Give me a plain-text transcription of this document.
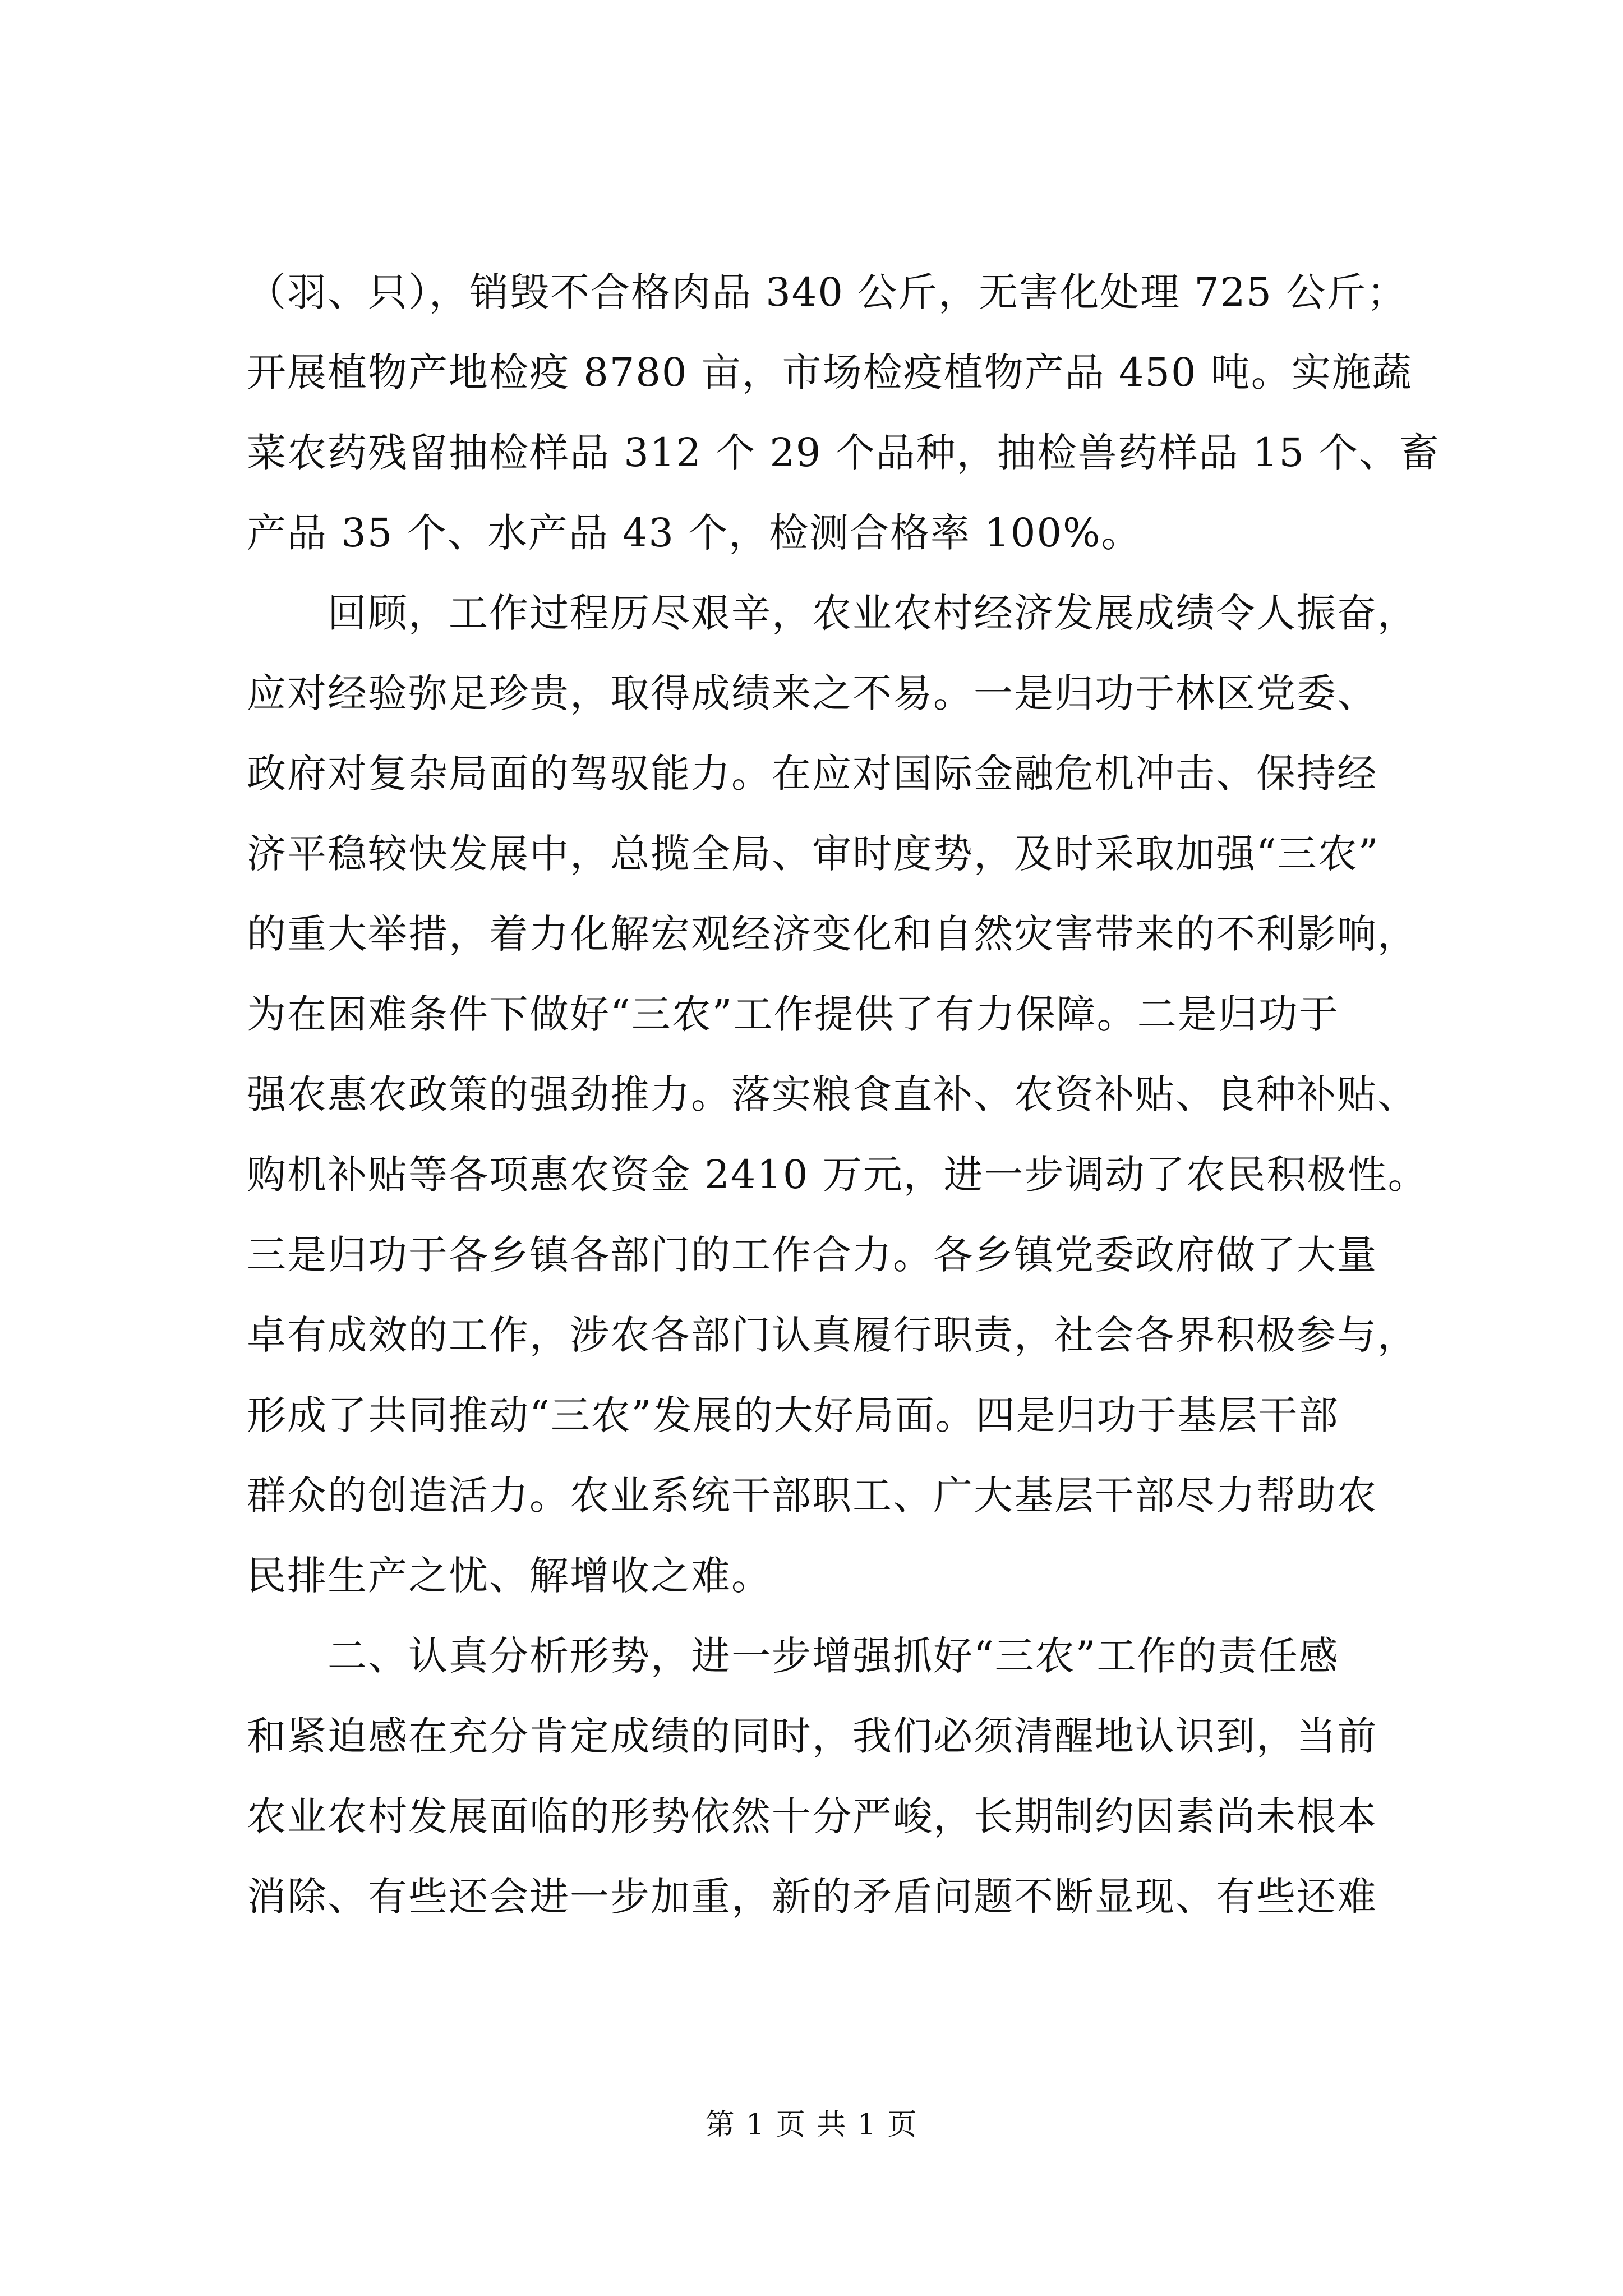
（羽、只），销毁不合格肉品 340 公斤，无害化处理 725 公斤；
开展植物产地检疫 8780 亩，市场检疫植物产品 450 吨。实施蔬
菜农药残留抽检样品 312 个 29 个品种，抽检兽药样品 15 个、畜
产品 35 个、水产品 43 个，检测合格率 100%。
　　回顾，工作过程历尽艰辛，农业农村经济发展成绩令人振奋，
应对经验弥足珍贵，取得成绩来之不易。一是归功于林区党委、
政府对复杂局面的驾驭能力。在应对国际金融危机冲击、保持经
济平稳较快发展中，总揽全局、审时度势，及时采取加强“三农”
的重大举措，着力化解宏观经济变化和自然灾害带来的不利影响，
为在困难条件下做好“三农”工作提供了有力保障。二是归功于
强农惠农政策的强劲推力。落实粮食直补、农资补贴、良种补贴、
购机补贴等各项惠农资金 2410 万元，进一步调动了农民积极性。
三是归功于各乡镇各部门的工作合力。各乡镇党委政府做了大量
卓有成效的工作，涉农各部门认真履行职责，社会各界积极参与，
形成了共同推动“三农”发展的大好局面。四是归功于基层干部
群众的创造活力。农业系统干部职工、广大基层干部尽力帮助农
民排生产之忧、解增收之难。
　　二、认真分析形势，进一步增强抓好“三农”工作的责任感
和紧迫感在充分肯定成绩的同时，我们必须清醒地认识到，当前
农业农村发展面临的形势依然十分严峻，长期制约因素尚未根本
消除、有些还会进一步加重，新的矛盾问题不断显现、有些还难
第 1 页 共 1 页
